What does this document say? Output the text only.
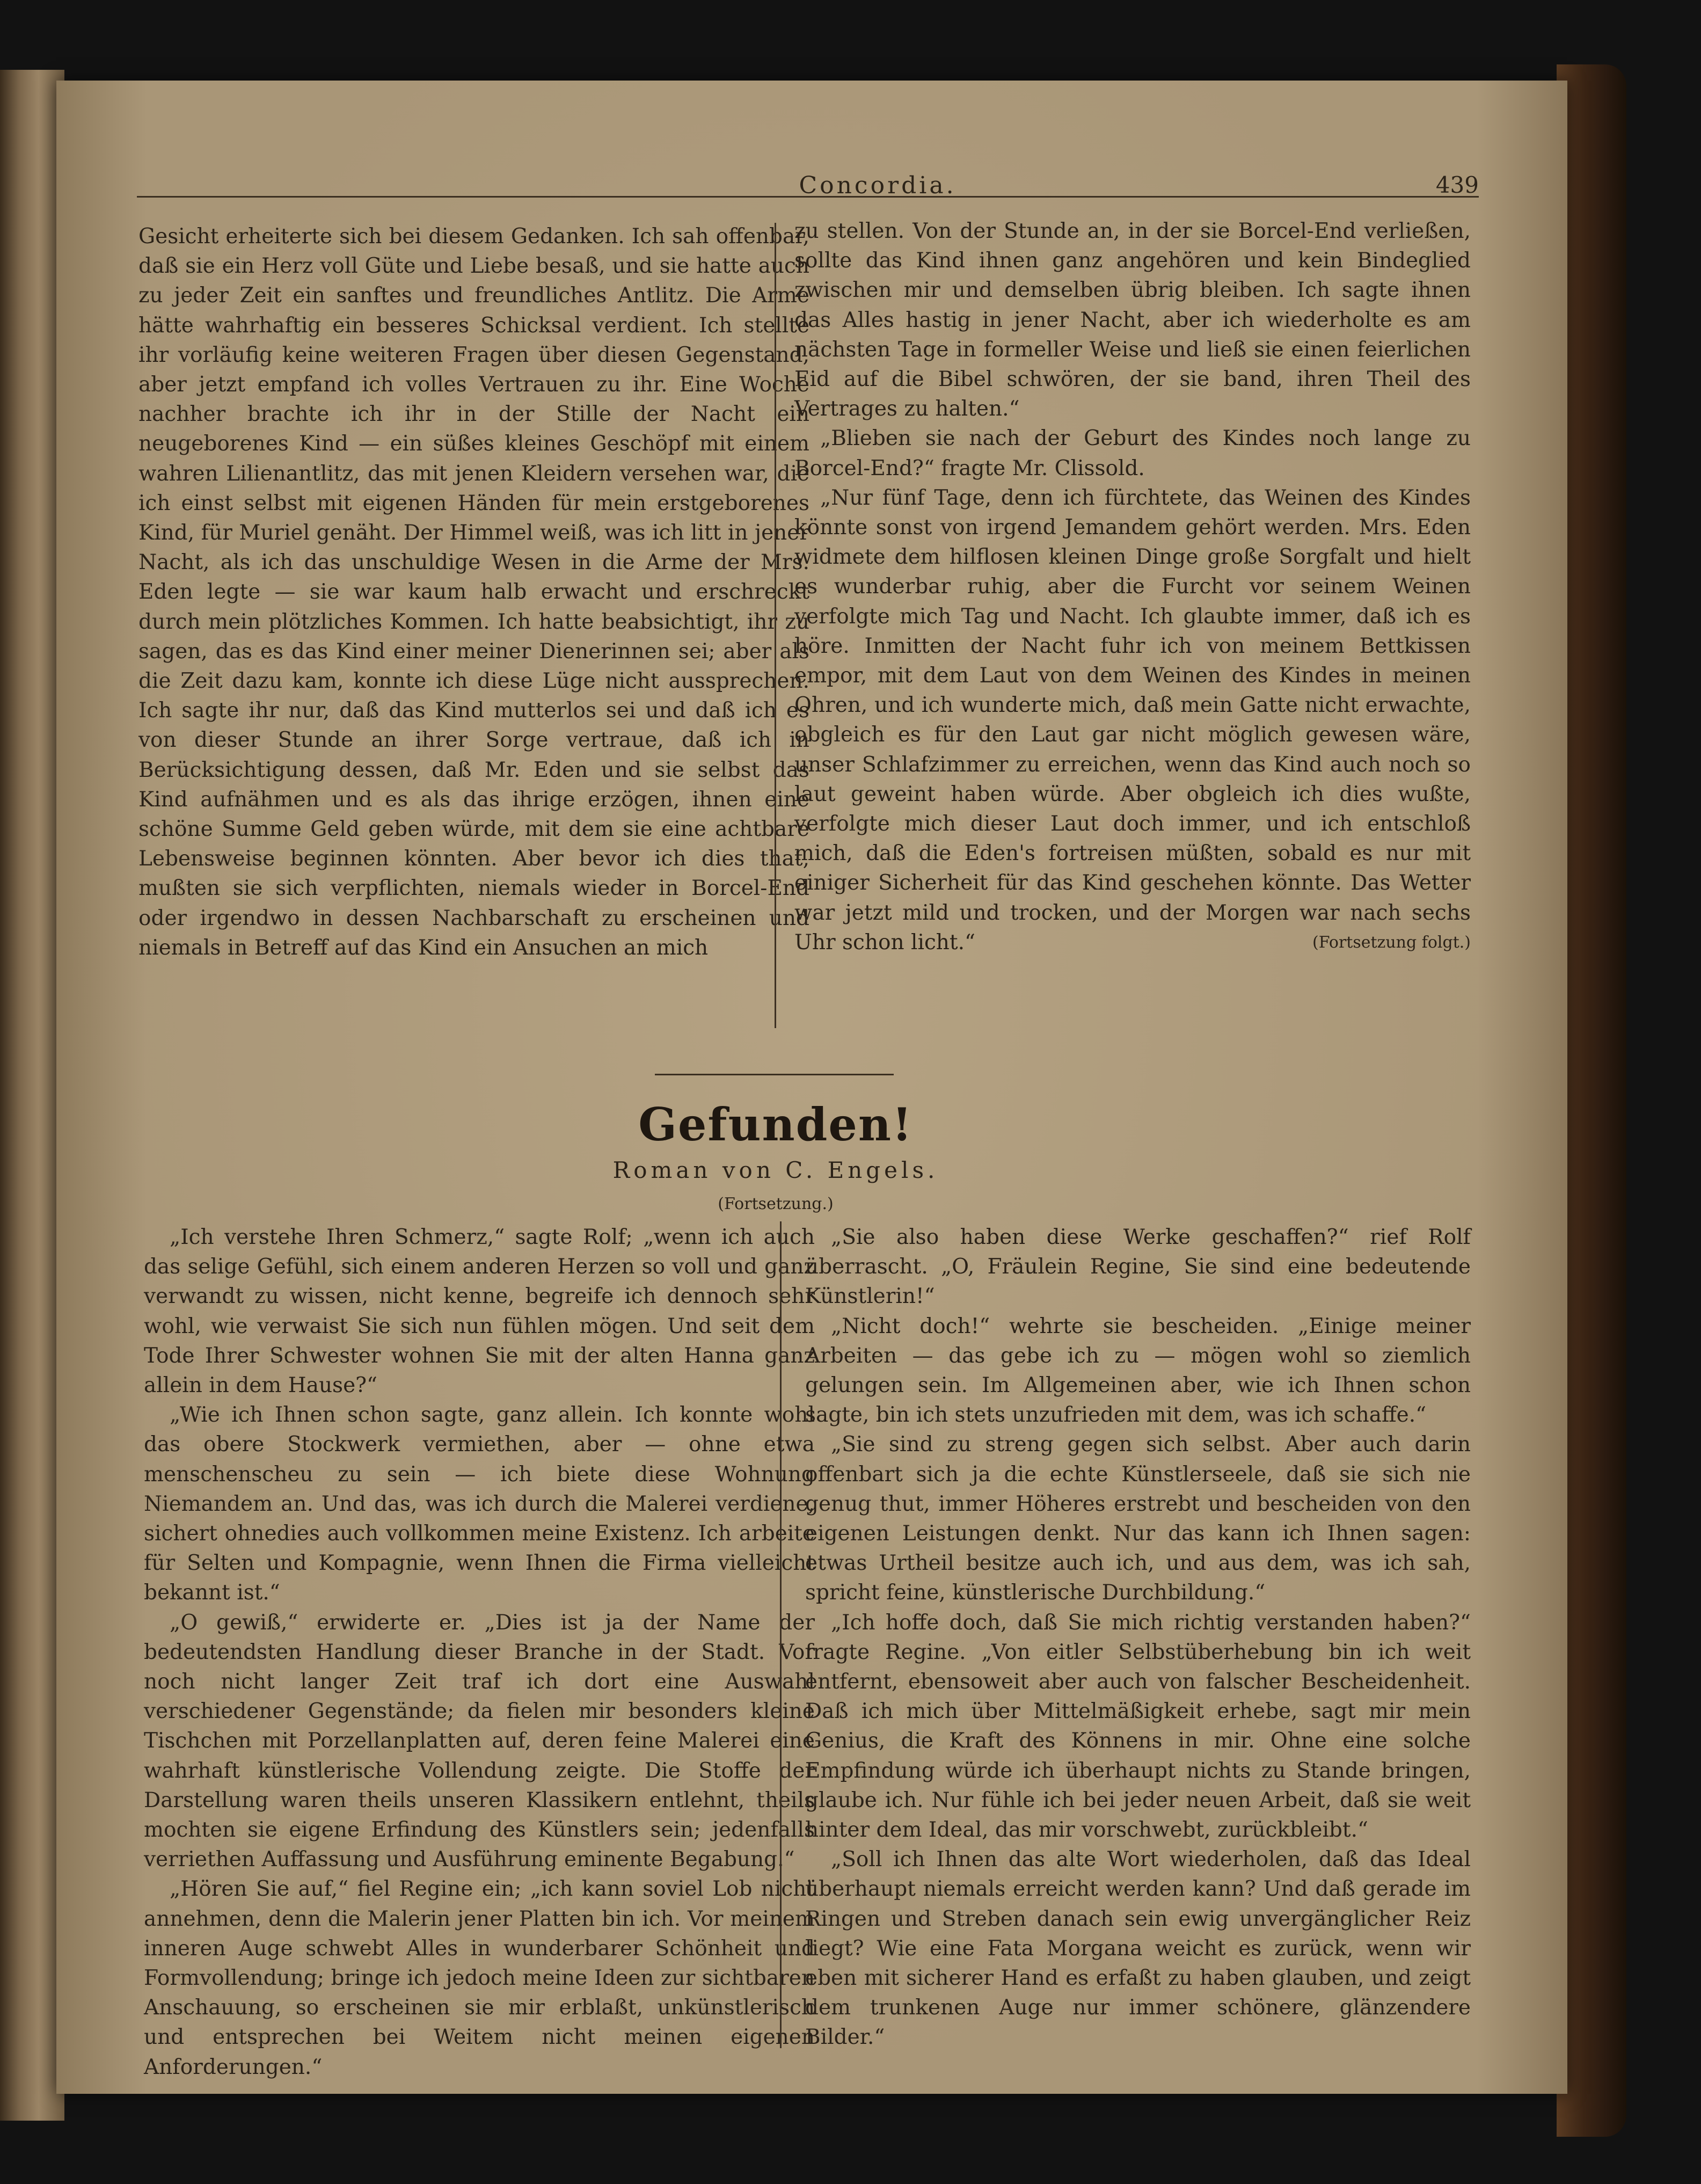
Concordia.	439

Gesicht erheiterte sich bei diesem Gedanken. Ich sah offenbar, daß sie ein Herz voll Güte und Liebe besaß, und sie hatte auch zu jeder Zeit ein sanftes und freundliches Antlitz. Die Arme hätte wahrhaftig ein besseres Schicksal verdient. Ich stellte ihr vorläufig keine weiteren Fragen über diesen Gegenstand, aber jetzt empfand ich volles Vertrauen zu ihr. Eine Woche nachher brachte ich ihr in der Stille der Nacht ein neugeborenes Kind — ein süßes kleines Geschöpf mit einem wahren Lilienantlitz, das mit jenen Kleidern versehen war, die ich einst selbst mit eigenen Händen für mein erstgeborenes Kind, für Muriel genäht. Der Himmel weiß, was ich litt in jener Nacht, als ich das unschuldige Wesen in die Arme der Mrs. Eden legte — sie war kaum halb erwacht und erschreckt durch mein plötzliches Kommen. Ich hatte beabsichtigt, ihr zu sagen, das es das Kind einer meiner Dienerinnen sei; aber als die Zeit dazu kam, konnte ich diese Lüge nicht aussprechen. Ich sagte ihr nur, daß das Kind mutterlos sei und daß ich es von dieser Stunde an ihrer Sorge vertraue, daß ich in Berücksichtigung dessen, daß Mr. Eden und sie selbst das Kind aufnähmen und es als das ihrige erzögen, ihnen eine schöne Summe Geld geben würde, mit dem sie eine achtbare Lebensweise beginnen könnten. Aber bevor ich dies that, mußten sie sich verpflichten, niemals wieder in Borcel-End oder irgendwo in dessen Nachbarschaft zu erscheinen und niemals in Betreff auf das Kind ein Ansuchen an mich

zu stellen. Von der Stunde an, in der sie Borcel-End verließen, sollte das Kind ihnen ganz angehören und kein Bindeglied zwischen mir und demselben übrig bleiben. Ich sagte ihnen das Alles hastig in jener Nacht, aber ich wiederholte es am nächsten Tage in formeller Weise und ließ sie einen feierlichen Eid auf die Bibel schwören, der sie band, ihren Theil des Vertrages zu halten.“

„Blieben sie nach der Geburt des Kindes noch lange zu Borcel-End?“ fragte Mr. Clissold.

„Nur fünf Tage, denn ich fürchtete, das Weinen des Kindes könnte sonst von irgend Jemandem gehört werden. Mrs. Eden widmete dem hilflosen kleinen Dinge große Sorgfalt und hielt es wunderbar ruhig, aber die Furcht vor seinem Weinen verfolgte mich Tag und Nacht. Ich glaubte immer, daß ich es höre. Inmitten der Nacht fuhr ich von meinem Bettkissen empor, mit dem Laut von dem Weinen des Kindes in meinen Ohren, und ich wunderte mich, daß mein Gatte nicht erwachte, obgleich es für den Laut gar nicht möglich gewesen wäre, unser Schlafzimmer zu erreichen, wenn das Kind auch noch so laut geweint haben würde. Aber obgleich ich dies wußte, verfolgte mich dieser Laut doch immer, und ich entschloß mich, daß die Eden's fortreisen müßten, sobald es nur mit einiger Sicherheit für das Kind geschehen könnte. Das Wetter war jetzt mild und trocken, und der Morgen war nach sechs Uhr schon licht.“	(Fortsetzung folgt.)

Gefunden!
Roman von C. Engels.
(Fortsetzung.)

„Ich verstehe Ihren Schmerz,“ sagte Rolf; „wenn ich auch das selige Gefühl, sich einem anderen Herzen so voll und ganz verwandt zu wissen, nicht kenne, begreife ich dennoch sehr wohl, wie verwaist Sie sich nun fühlen mögen. Und seit dem Tode Ihrer Schwester wohnen Sie mit der alten Hanna ganz allein in dem Hause?“

„Wie ich Ihnen schon sagte, ganz allein. Ich konnte wohl das obere Stockwerk vermiethen, aber — ohne etwa menschenscheu zu sein — ich biete diese Wohnung Niemandem an. Und das, was ich durch die Malerei verdiene, sichert ohnedies auch vollkommen meine Existenz. Ich arbeite für Selten und Kompagnie, wenn Ihnen die Firma vielleicht bekannt ist.“

„O gewiß,“ erwiderte er. „Dies ist ja der Name der bedeutendsten Handlung dieser Branche in der Stadt. Vor noch nicht langer Zeit traf ich dort eine Auswahl verschiedener Gegenstände; da fielen mir besonders kleine Tischchen mit Porzellanplatten auf, deren feine Malerei eine wahrhaft künstlerische Vollendung zeigte. Die Stoffe der Darstellung waren theils unseren Klassikern entlehnt, theils mochten sie eigene Erfindung des Künstlers sein; jedenfalls verriethen Auffassung und Ausführung eminente Begabung.“

„Hören Sie auf,“ fiel Regine ein; „ich kann soviel Lob nicht annehmen, denn die Malerin jener Platten bin ich. Vor meinem inneren Auge schwebt Alles in wunderbarer Schönheit und Formvollendung; bringe ich jedoch meine Ideen zur sichtbaren Anschauung, so erscheinen sie mir erblaßt, unkünstlerisch und entsprechen bei Weitem nicht meinen eigenen Anforderungen.“

„Sie also haben diese Werke geschaffen?“ rief Rolf überrascht. „O, Fräulein Regine, Sie sind eine bedeutende Künstlerin!“

„Nicht doch!“ wehrte sie bescheiden. „Einige meiner Arbeiten — das gebe ich zu — mögen wohl so ziemlich gelungen sein. Im Allgemeinen aber, wie ich Ihnen schon sagte, bin ich stets unzufrieden mit dem, was ich schaffe.“

„Sie sind zu streng gegen sich selbst. Aber auch darin offenbart sich ja die echte Künstlerseele, daß sie sich nie genug thut, immer Höheres erstrebt und bescheiden von den eigenen Leistungen denkt. Nur das kann ich Ihnen sagen: etwas Urtheil besitze auch ich, und aus dem, was ich sah, spricht feine, künstlerische Durchbildung.“

„Ich hoffe doch, daß Sie mich richtig verstanden haben?“ fragte Regine. „Von eitler Selbstüberhebung bin ich weit entfernt, ebensoweit aber auch von falscher Bescheidenheit. Daß ich mich über Mittelmäßigkeit erhebe, sagt mir mein Genius, die Kraft des Könnens in mir. Ohne eine solche Empfindung würde ich überhaupt nichts zu Stande bringen, glaube ich. Nur fühle ich bei jeder neuen Arbeit, daß sie weit hinter dem Ideal, das mir vorschwebt, zurückbleibt.“

„Soll ich Ihnen das alte Wort wiederholen, daß das Ideal überhaupt niemals erreicht werden kann? Und daß gerade im Ringen und Streben danach sein ewig unvergänglicher Reiz liegt? Wie eine Fata Morgana weicht es zurück, wenn wir eben mit sicherer Hand es erfaßt zu haben glauben, und zeigt dem trunkenen Auge nur immer schönere, glänzendere Bilder.“
